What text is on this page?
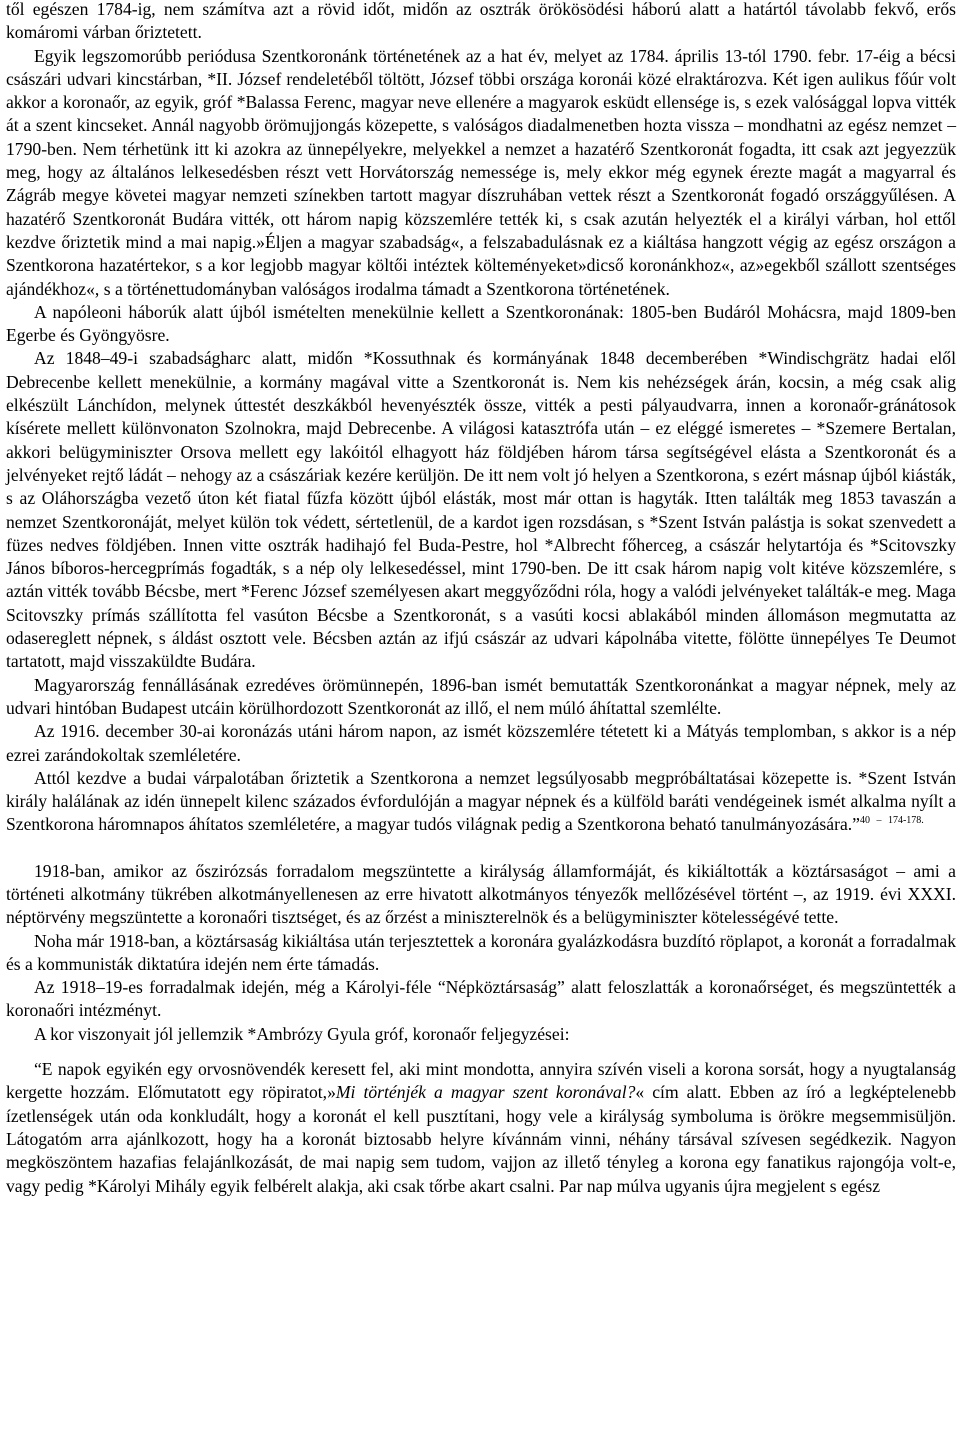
től egészen 1784-ig, nem számítva azt a rövid időt, midőn az osztrák örökösödési háború alatt a határtól távolabb fekvő, erős komáromi várban őriztetett.

Egyik legszomorúbb periódusa Szentkoronánk történetének az a hat év, melyet az 1784. április 13-tól 1790. febr. 17-éig a bécsi császári udvari kincstárban, *II. József rendeletéből töltött, József többi országa koronái közé elraktározva. Két igen aulikus főúr volt akkor a koronaőr, az egyik, gróf *Balassa Ferenc, magyar neve ellenére a magyarok esküdt ellensége is, s ezek valósággal lopva vitték át a szent kincseket. Annál nagyobb örömujjongás közepette, s valóságos diadalmenetben hozta vissza – mondhatni az egész nemzet – 1790-ben. Nem térhetünk itt ki azokra az ünnepélyekre, melyekkel a nemzet a hazatérő Szentkoronát fogadta, itt csak azt jegyezzük meg, hogy az általános lelkesedésben részt vett Horvátország nemessége is, mely ekkor még egynek érezte magát a magyarral és Zágráb megye követei magyar nemzeti színekben tartott magyar díszruhában vettek részt a Szentkoronát fogadó országgyűlésen. A hazatérő Szentkoronát Budára vitték, ott három napig közszemlére tették ki, s csak azután helyezték el a királyi várban, hol ettől kezdve őriztetik mind a mai napig.»Éljen a magyar szabadság«, a felszabadulásnak ez a kiáltása hangzott végig az egész országon a Szentkorona hazatértekor, s a kor legjobb magyar költői intéztek költeményeket»dicső koronánkhoz«, az»egekből szállott szentséges ajándékhoz«, s a történettudományban valóságos irodalma támadt a Szentkorona történetének.

A napóleoni háborúk alatt újból ismételten menekülnie kellett a Szentkoronának: 1805-ben Budáról Mohácsra, majd 1809-ben Egerbe és Gyöngyösre.

Az 1848–49-i szabadságharc alatt, midőn *Kossuthnak és kormányának 1848 decemberében *Windischgrätz hadai elől Debrecenbe kellett menekülnie, a kormány magával vitte a Szentkoronát is. Nem kis nehézségek árán, kocsin, a még csak alig elkészült Lánchídon, melynek úttestét deszkákból hevenyészték össze, vitték a pesti pályaudvarra, innen a koronaőr-gránátosok kísérete mellett különvonaton Szolnokra, majd Debrecenbe. A világosi katasztrófa után – ez eléggé ismeretes – *Szemere Bertalan, akkori belügyminiszter Orsova mellett egy lakóitól elhagyott ház földjében három társa segítségével elásta a Szentkoronát és a jelvényeket rejtő ládát – nehogy az a császáriak kezére kerüljön. De itt nem volt jó helyen a Szentkorona, s ezért másnap újból kiásták, s az Oláhországba vezető úton két fiatal fűzfa között újból elásták, most már ottan is hagyták. Itten találták meg 1853 tavaszán a nemzet Szentkoronáját, melyet külön tok védett, sértetlenül, de a kardot igen rozsdásan, s *Szent István palástja is sokat szenvedett a füzes nedves földjében. Innen vitte osztrák hadihajó fel Buda-Pestre, hol *Albrecht főherceg, a császár helytartója és *Scitovszky János bíboros-hercegprímás fogadták, s a nép oly lelkesedéssel, mint 1790-ben. De itt csak három napig volt kitéve közszemlére, s aztán vitték tovább Bécsbe, mert *Ferenc József személyesen akart meggyőződni róla, hogy a valódi jelvényeket találták-e meg. Maga Scitovszky prímás szállította fel vasúton Bécsbe a Szentkoronát, s a vasúti kocsi ablakából minden állomáson megmutatta az odasereglett népnek, s áldást osztott vele. Bécsben aztán az ifjú császár az udvari kápolnába vitette, fölötte ünnepélyes Te Deumot tartatott, majd visszaküldte Budára.

Magyarország fennállásának ezredéves örömünnepén, 1896-ban ismét bemutatták Szentkoronánkat a magyar népnek, mely az udvari hintóban Budapest utcáin körülhordozott Szentkoronát az illő, el nem múló áhítattal szemlélte.

Az 1916. december 30-ai koronázás utáni három napon, az ismét közszemlére tétetett ki a Mátyás templomban, s akkor is a nép ezrei zarándokoltak szemléletére.

Attól kezdve a budai várpalotában őriztetik a Szentkorona a nemzet legsúlyosabb megpróbáltatásai közepette is. *Szent István király halálának az idén ünnepelt kilenc százados évfordulóján a magyar népnek és a külföld baráti vendégeinek ismét alkalma nyílt a Szentkorona háromnapos áhítatos szemléletére, a magyar tudós világnak pedig a Szentkorona beható tanulmányozására.”$^{40 - 174-178.}$

1918-ban, amikor az őszirózsás forradalom megszüntette a királyság államformáját, és kikiáltották a köztársaságot – ami a történeti alkotmány tükrében alkotmányellenesen az erre hivatott alkotmányos tényezők mellőzésével történt –, az 1919. évi XXXI. néptörvény megszüntette a koronaőri tisztséget, és az őrzést a miniszterelnök és a belügyminiszter kötelességévé tette.

Noha már 1918-ban, a köztársaság kikiáltása után terjesztettek a koronára gyalázkodásra buzdító röplapot, a koronát a forradalmak és a kommunisták diktatúra idején nem érte támadás.

Az 1918–19-es forradalmak idején, még a Károlyi-féle “Népköztársaság” alatt feloszlatták a koronaőrséget, és megszüntették a koronaőri intézményt.

A kor viszonyait jól jellemzik *Ambrózy Gyula gróf, koronaőr feljegyzései:

“E napok egyikén egy orvosnövendék keresett fel, aki mint mondotta, annyira szívén viseli a korona sorsát, hogy a nyugtalanság kergette hozzám. Előmutatott egy röpiratot,»Mi történjék a magyar szent koronával?« cím alatt. Ebben az író a legképtelenebb ízetlenségek után oda konkludált, hogy a koronát el kell pusztítani, hogy vele a királyság symboluma is örökre megsemmisüljön. Látogatóm arra ajánlkozott, hogy ha a koronát biztosabb helyre kívánnám vinni, néhány társával szívesen segédkezik. Nagyon megköszöntem hazafias felajánlkozását, de mai napig sem tudom, vajjon az illető tényleg a korona egy fanatikus rajongója volt-e, vagy pedig *Károlyi Mihály egyik felbérelt alakja, aki csak tőrbe akart csalni. Par nap múlva ugyanis újra megjelent s egész
